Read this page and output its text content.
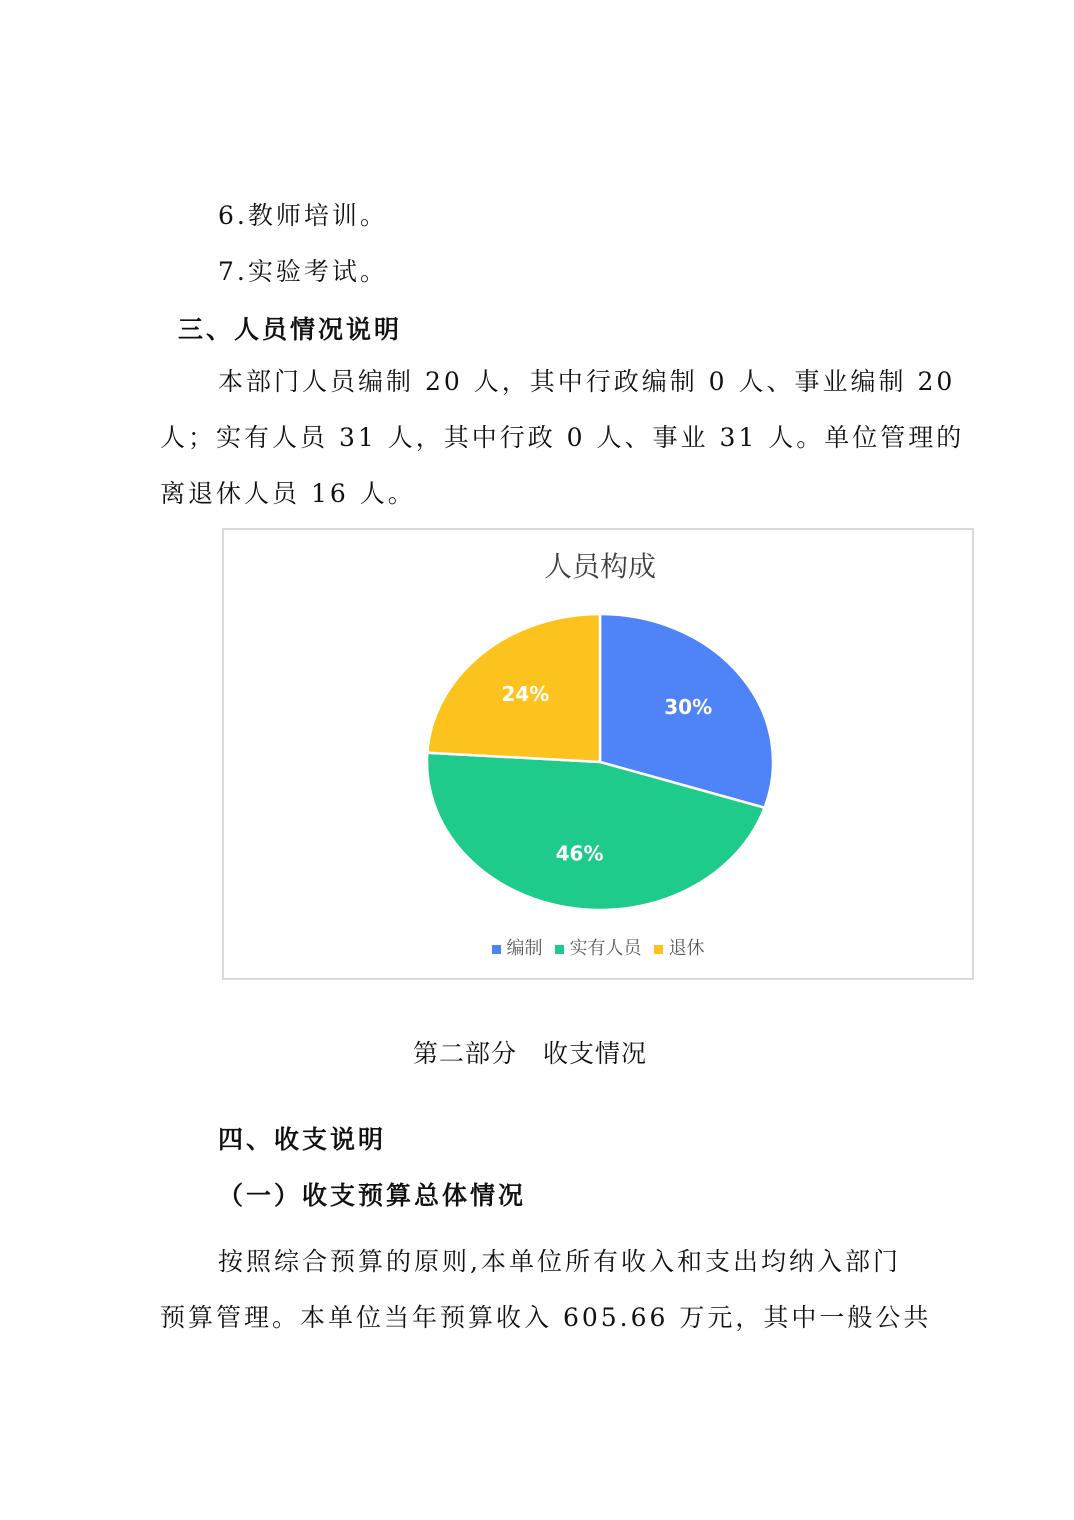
6.教师培训。
7.实验考试。
三、人员情况说明
本部门人员编制 20 人，其中行政编制 0 人、事业编制 20
人；实有人员 31 人，其中行政 0 人、事业 31 人。单位管理的
离退休人员 16 人。
人员构成
30%
46%
24%
编制 实有人员 退休
第二部分　收支情况
四、收支说明
（一）收支预算总体情况
按照综合预算的原则,本单位所有收入和支出均纳入部门
预算管理。本单位当年预算收入 605.66 万元，其中一般公共
